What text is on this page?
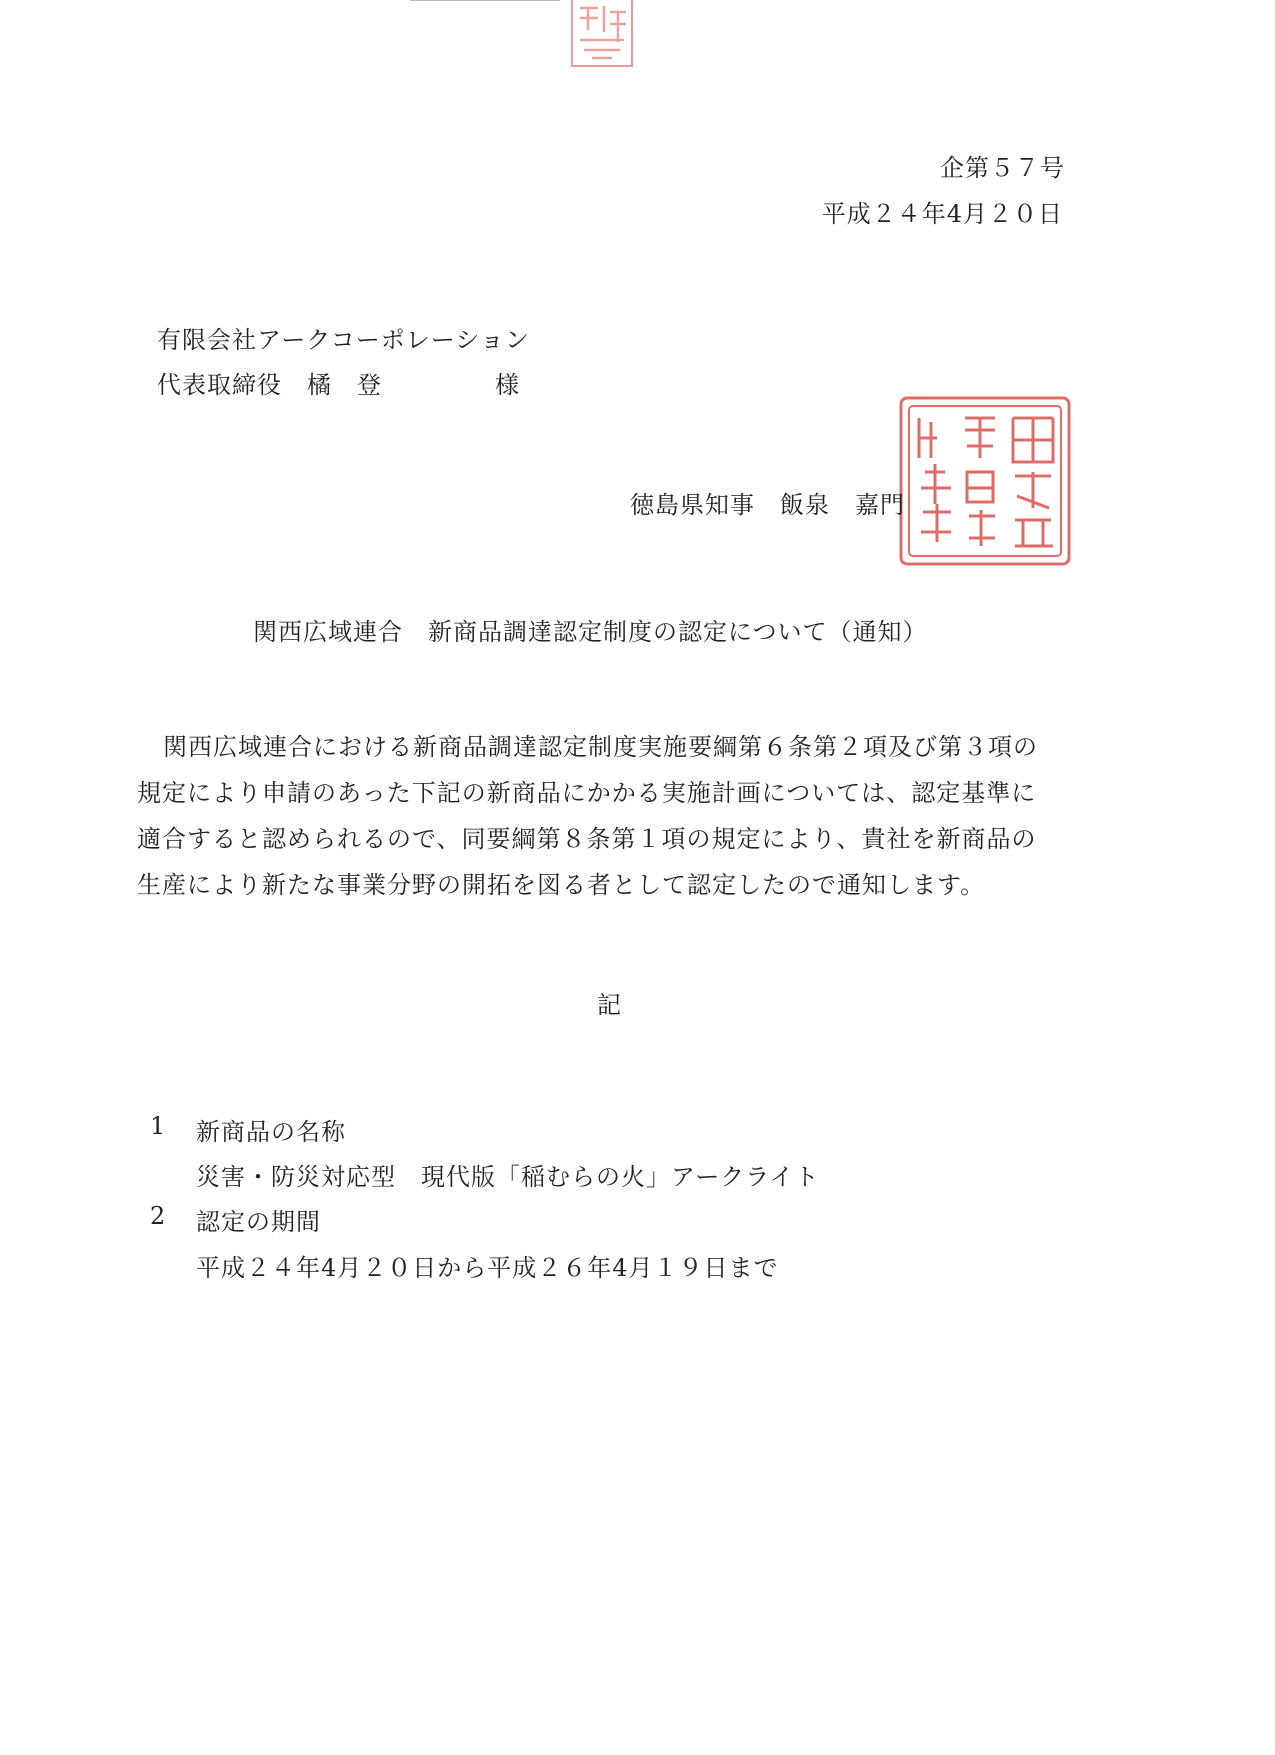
企第５７号
平成２４年4月２０日
有限会社アークコーポレーション
代表取締役　橘　登	様
徳島県知事　飯泉　嘉門
関西広域連合　新商品調達認定制度の認定について（通知）
関西広域連合における新商品調達認定制度実施要綱第６条第２項及び第３項の
規定により申請のあった下記の新商品にかかる実施計画については、認定基準に
適合すると認められるので、同要綱第８条第１項の規定により、貴社を新商品の
生産により新たな事業分野の開拓を図る者として認定したので通知します。
記
1 新商品の名称
災害・防災対応型　現代版「稲むらの火」アークライト
2 認定の期間
平成２４年4月２０日から平成２６年4月１９日まで
